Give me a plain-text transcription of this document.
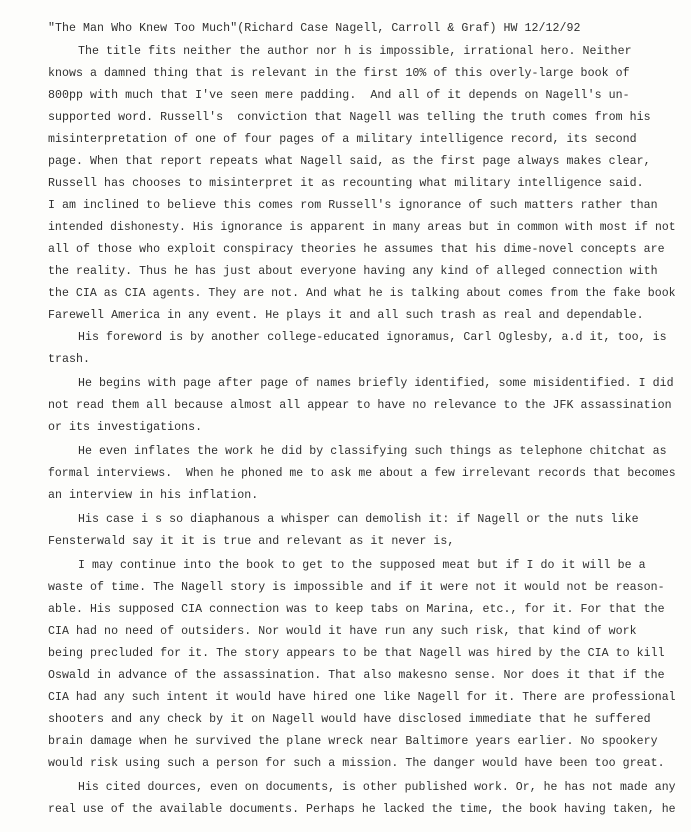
"The Man Who Knew Too Much"(Richard Case Nagell, Carroll & Graf) HW 12/12/92
The title fits neither the author nor h is impossible, irrational hero. Neither
knows a damned thing that is relevant in the first 10% of this overly-large book of
800pp with much that I've seen mere padding.  And all of it depends on Nagell's un-
supported word. Russell's  conviction that Nagell was telling the truth comes from his
misinterpretation of one of four pages of a military intelligence record, its second
page. When that report repeats what Nagell said, as the first page always makes clear,
Russell has chooses to misinterpret it as recounting what military intelligence said.
I am inclined to believe this comes rom Russell's ignorance of such matters rather than
intended dishonesty. His ignorance is apparent in many areas but in common with most if not
all of those who exploit conspiracy theories he assumes that his dime-novel concepts are
the reality. Thus he has just about everyone having any kind of alleged connection with
the CIA as CIA agents. They are not. And what he is talking about comes from the fake book
Farewell America in any event. He plays it and all such trash as real and dependable.
His foreword is by another college-educated ignoramus, Carl Oglesby, a.d it, too, is
trash.
He begins with page after page of names briefly identified, some misidentified. I did
not read them all because almost all appear to have no relevance to the JFK assassination
or its investigations.
He even inflates the work he did by classifying such things as telephone chitchat as
formal interviews.  When he phoned me to ask me about a few irrelevant records that becomes
an interview in his inflation.
His case i s so diaphanous a whisper can demolish it: if Nagell or the nuts like
Fensterwald say it it is true and relevant as it never is,
I may continue into the book to get to the supposed meat but if I do it will be a
waste of time. The Nagell story is impossible and if it were not it would not be reason-
able. His supposed CIA connection was to keep tabs on Marina, etc., for it. For that the
CIA had no need of outsiders. Nor would it have run any such risk, that kind of work
being precluded for it. The story appears to be that Nagell was hired by the CIA to kill
Oswald in advance of the assassination. That also makesno sense. Nor does it that if the
CIA had any such intent it would have hired one like Nagell for it. There are professional
shooters and any check by it on Nagell would have disclosed immediate that he suffered
brain damage when he survived the plane wreck near Baltimore years earlier. No spookery
would risk using such a person for such a mission. The danger would have been too great.
His cited dources, even on documents, is other published work. Or, he has not made any
real use of the available documents. Perhaps he lacked the time, the book having taken, he
